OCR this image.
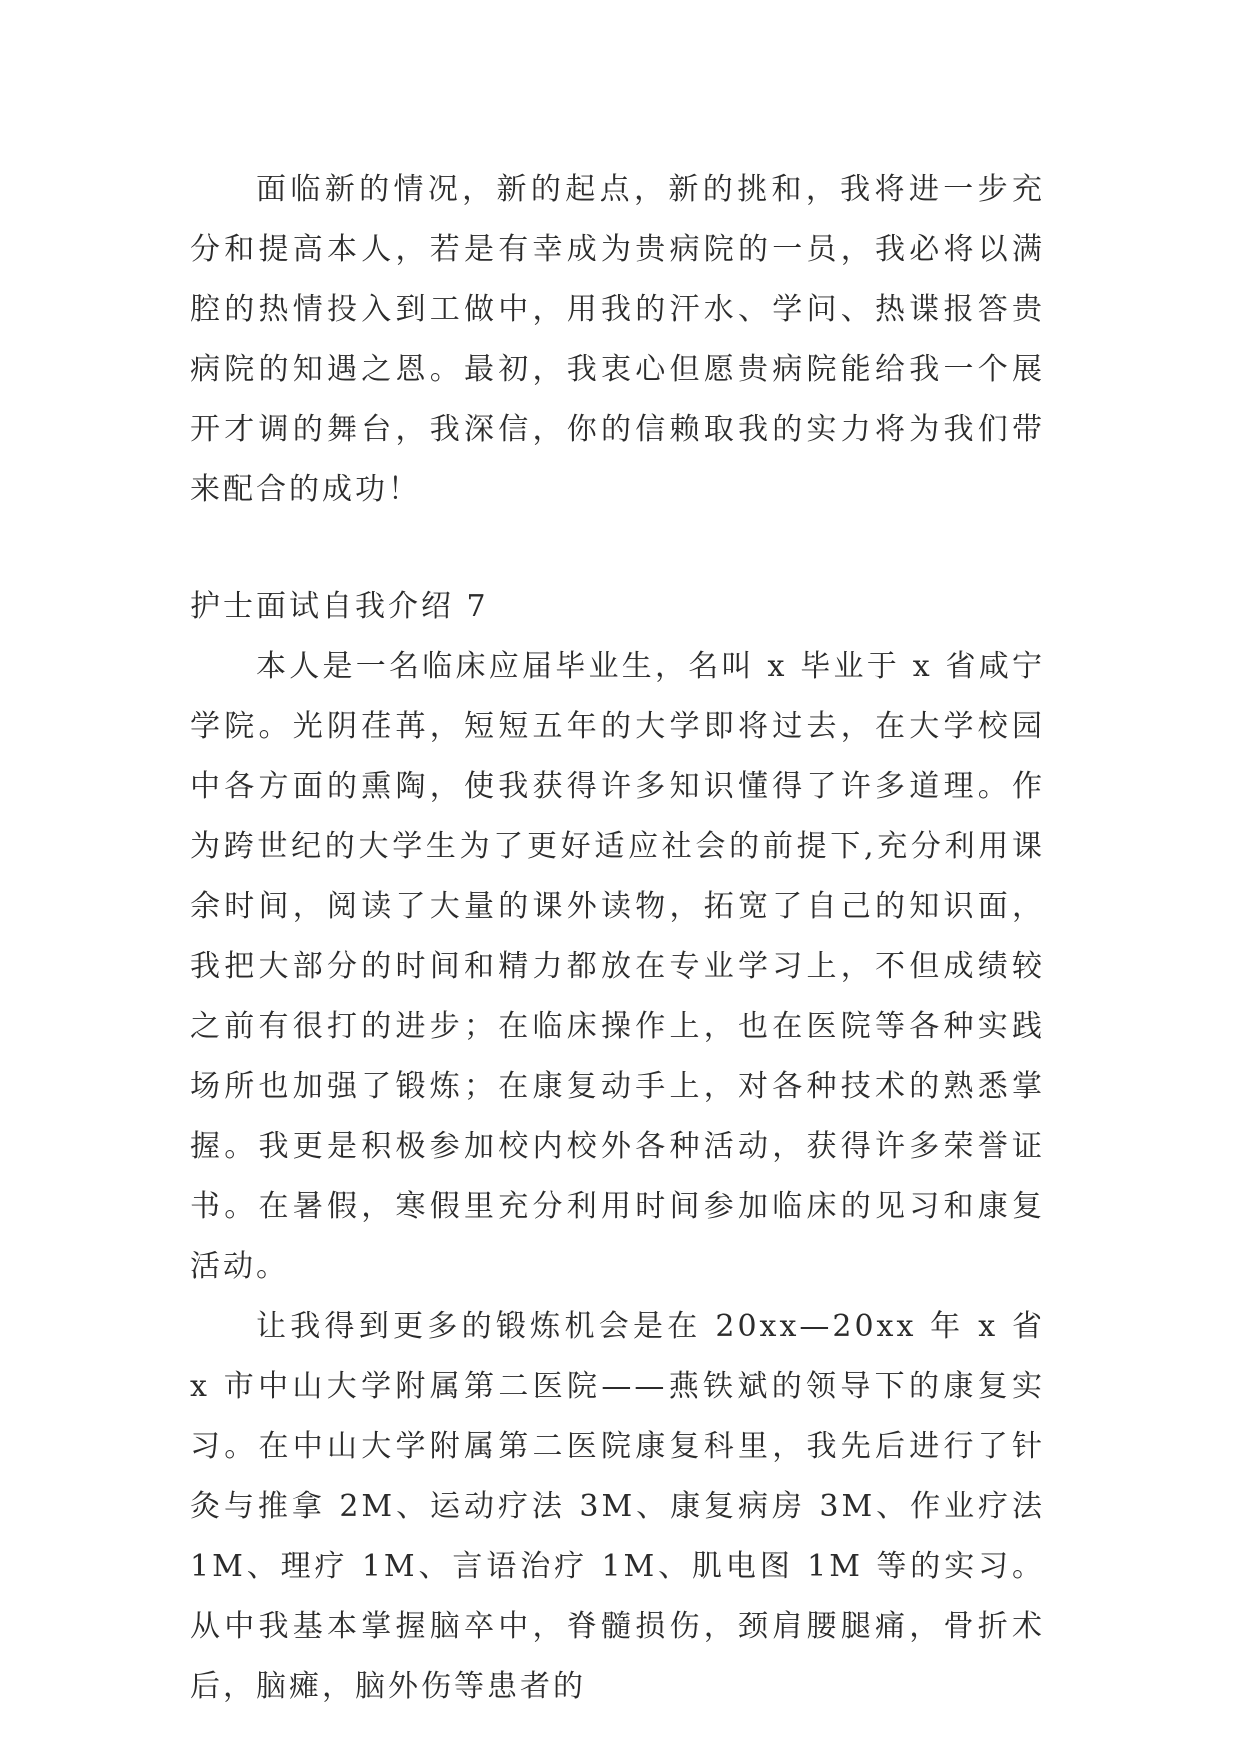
面临新的情况，新的起点，新的挑和，我将进一步充分和提高本人，若是有幸成为贵病院的一员，我必将以满腔的热情投入到工做中，用我的汗水、学问、热谍报答贵病院的知遇之恩。最初，我衷心但愿贵病院能给我一个展开才调的舞台，我深信，你的信赖取我的实力将为我们带来配合的成功！

护士面试自我介绍 7

本人是一名临床应届毕业生，名叫 x 毕业于 x 省咸宁学院。光阴荏苒，短短五年的大学即将过去，在大学校园中各方面的熏陶，使我获得许多知识懂得了许多道理。作为跨世纪的大学生为了更好适应社会的前提下,充分利用课余时间，阅读了大量的课外读物，拓宽了自己的知识面，我把大部分的时间和精力都放在专业学习上，不但成绩较之前有很打的进步；在临床操作上，也在医院等各种实践场所也加强了锻炼；在康复动手上，对各种技术的熟悉掌握。我更是积极参加校内校外各种活动，获得许多荣誉证书。在暑假，寒假里充分利用时间参加临床的见习和康复活动。

让我得到更多的锻炼机会是在 20xx—20xx 年 x 省 x 市中山大学附属第二医院——燕铁斌的领导下的康复实习。在中山大学附属第二医院康复科里，我先后进行了针灸与推拿 2M、运动疗法 3M、康复病房 3M、作业疗法 1M、理疗 1M、言语治疗 1M、肌电图 1M 等的实习。从中我基本掌握脑卒中，脊髓损伤，颈肩腰腿痛，骨折术后，脑瘫，脑外伤等患者的
